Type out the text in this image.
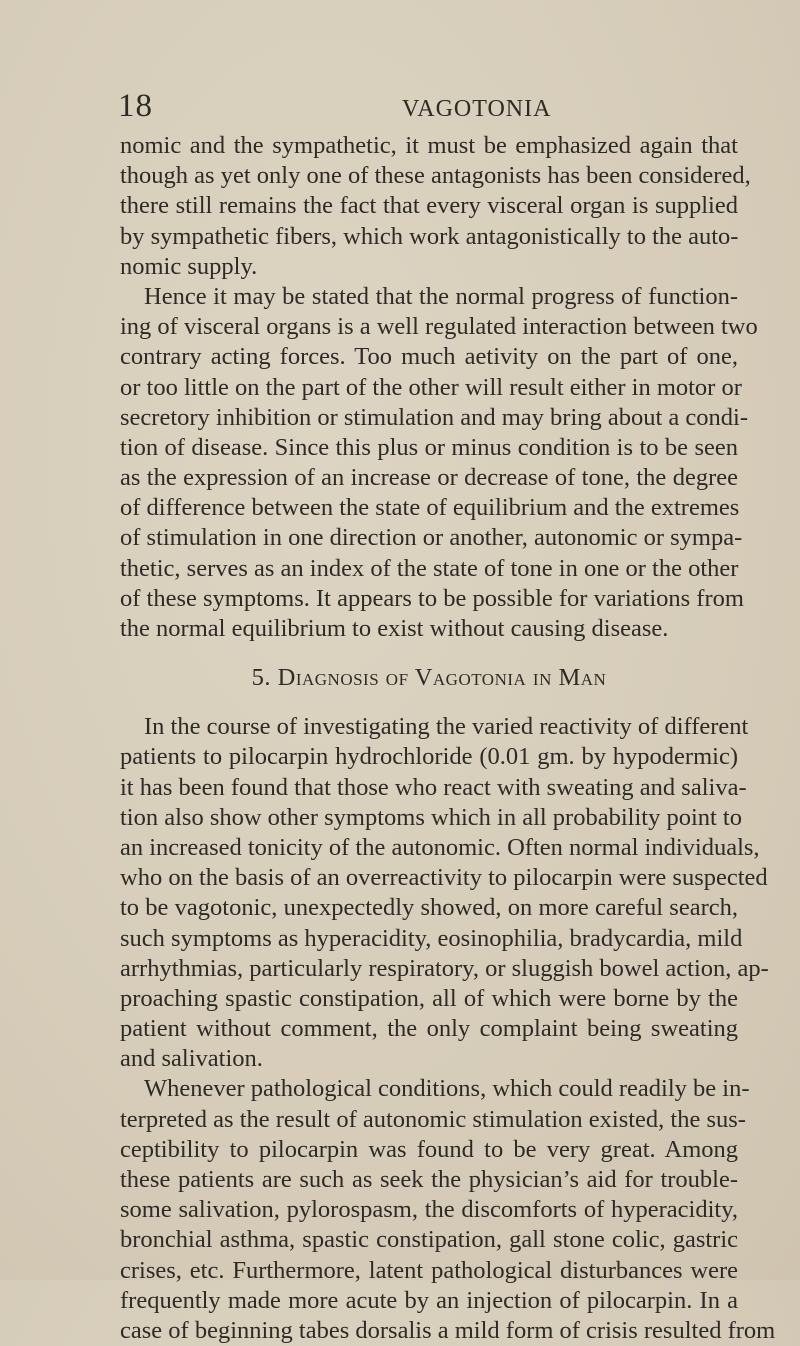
18	VAGOTONIA
nomic and the sympathetic, it must be emphasized again that
though as yet only one of these antagonists has been considered,
there still remains the fact that every visceral organ is supplied
by sympathetic fibers, which work antagonistically to the auto-
nomic supply.
Hence it may be stated that the normal progress of function-
ing of visceral organs is a well regulated interaction between two
contrary acting forces. Too much aetivity on the part of one,
or too little on the part of the other will result either in motor or
secretory inhibition or stimulation and may bring about a condi-
tion of disease. Since this plus or minus condition is to be seen
as the expression of an increase or decrease of tone, the degree
of difference between the state of equilibrium and the extremes
of stimulation in one direction or another, autonomic or sympa-
thetic, serves as an index of the state of tone in one or the other
of these symptoms. It appears to be possible for variations from
the normal equilibrium to exist without causing disease.
5. Diagnosis of Vagotonia in Man
In the course of investigating the varied reactivity of different
patients to pilocarpin hydrochloride (0.01 gm. by hypodermic)
it has been found that those who react with sweating and saliva-
tion also show other symptoms which in all probability point to
an increased tonicity of the autonomic. Often normal individuals,
who on the basis of an overreactivity to pilocarpin were suspected
to be vagotonic, unexpectedly showed, on more careful search,
such symptoms as hyperacidity, eosinophilia, bradycardia, mild
arrhythmias, particularly respiratory, or sluggish bowel action, ap-
proaching spastic constipation, all of which were borne by the
patient without comment, the only complaint being sweating
and salivation.
Whenever pathological conditions, which could readily be in-
terpreted as the result of autonomic stimulation existed, the sus-
ceptibility to pilocarpin was found to be very great. Among
these patients are such as seek the physician’s aid for trouble-
some salivation, pylorospasm, the discomforts of hyperacidity,
bronchial asthma, spastic constipation, gall stone colic, gastric
crises, etc. Furthermore, latent pathological disturbances were
frequently made more acute by an injection of pilocarpin. In a
case of beginning tabes dorsalis a mild form of crisis resulted from
